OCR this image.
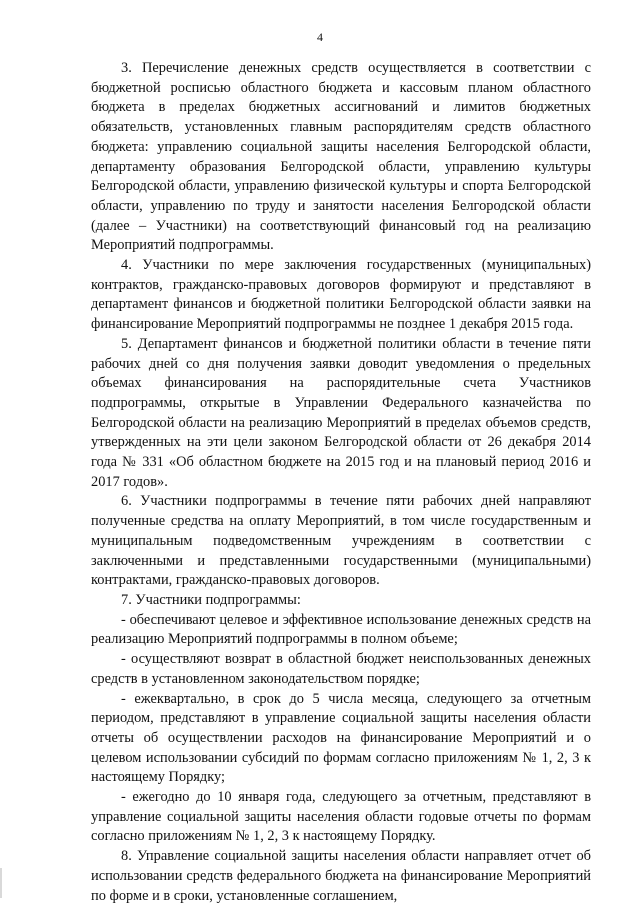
4

3. Перечисление денежных средств осуществляется в соответствии с бюджетной росписью областного бюджета и кассовым планом областного бюджета в пределах бюджетных ассигнований и лимитов бюджетных обязательств, установленных главным распорядителям средств областного бюджета: управлению социальной защиты населения Белгородской области, департаменту образования Белгородской области, управлению культуры Белгородской области, управлению физической культуры и спорта Белгородской области, управлению по труду и занятости населения Белгородской области (далее – Участники) на соответствующий финансовый год на реализацию Мероприятий подпрограммы.

4. Участники по мере заключения государственных (муниципальных) контрактов, гражданско-правовых договоров формируют и представляют в департамент финансов и бюджетной политики Белгородской области заявки на финансирование Мероприятий подпрограммы не позднее 1 декабря 2015 года.

5. Департамент финансов и бюджетной политики области в течение пяти рабочих дней со дня получения заявки доводит уведомления о предельных объемах финансирования на распорядительные счета Участников подпрограммы, открытые в Управлении Федерального казначейства по Белгородской области на реализацию Мероприятий в пределах объемов средств, утвержденных на эти цели законом Белгородской области от 26 декабря 2014 года № 331 «Об областном бюджете на 2015 год и на плановый период 2016 и 2017 годов».

6. Участники подпрограммы в течение пяти рабочих дней направляют полученные средства на оплату Мероприятий, в том числе государственным и муниципальным подведомственным учреждениям в соответствии с заключенными и представленными государственными (муниципальными) контрактами, гражданско-правовых договоров.

7. Участники подпрограммы:

- обеспечивают целевое и эффективное использование денежных средств на реализацию Мероприятий подпрограммы в полном объеме;

- осуществляют возврат в областной бюджет неиспользованных денежных средств в установленном законодательством порядке;

- ежеквартально, в срок до 5 числа месяца, следующего за отчетным периодом, представляют в управление социальной защиты населения области отчеты об осуществлении расходов на финансирование Мероприятий и о целевом использовании субсидий по формам согласно приложениям № 1, 2, 3 к настоящему Порядку;

- ежегодно до 10 января года, следующего за отчетным, представляют в управление социальной защиты населения области годовые отчеты по формам согласно приложениям № 1, 2, 3 к настоящему Порядку.

8. Управление социальной защиты населения области направляет отчет об использовании средств федерального бюджета на финансирование Мероприятий по форме и в сроки, установленные соглашением,
